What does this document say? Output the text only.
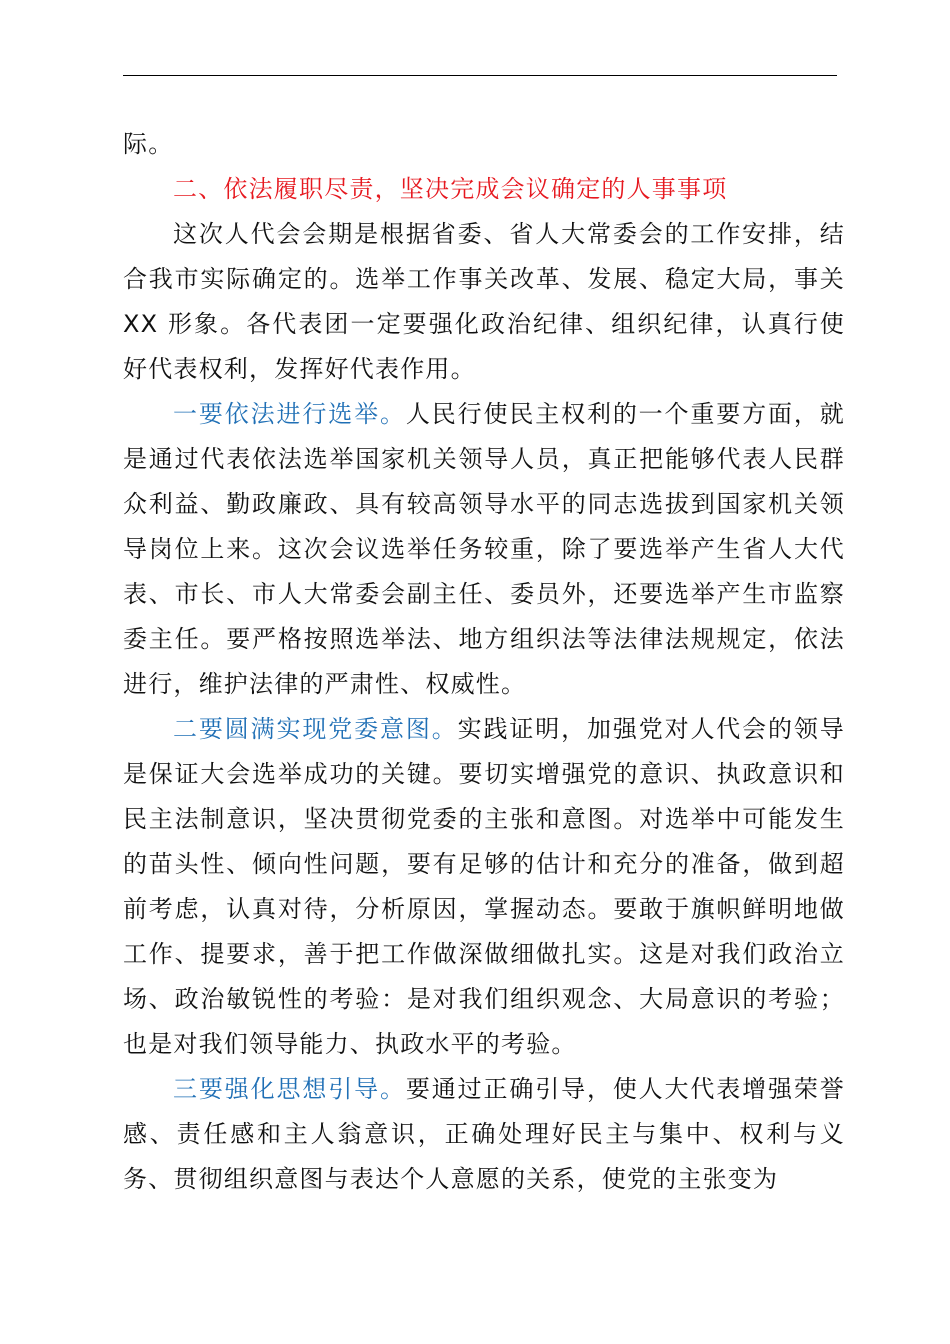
际。

二、依法履职尽责，坚决完成会议确定的人事事项

这次人代会会期是根据省委、省人大常委会的工作安排，结合我市实际确定的。选举工作事关改革、发展、稳定大局，事关 XX 形象。各代表团一定要强化政治纪律、组织纪律，认真行使好代表权利，发挥好代表作用。

一要依法进行选举。人民行使民主权利的一个重要方面，就是通过代表依法选举国家机关领导人员，真正把能够代表人民群众利益、勤政廉政、具有较高领导水平的同志选拔到国家机关领导岗位上来。这次会议选举任务较重，除了要选举产生省人大代表、市长、市人大常委会副主任、委员外，还要选举产生市监察委主任。要严格按照选举法、地方组织法等法律法规规定，依法进行，维护法律的严肃性、权威性。

二要圆满实现党委意图。实践证明，加强党对人代会的领导是保证大会选举成功的关键。要切实增强党的意识、执政意识和民主法制意识，坚决贯彻党委的主张和意图。对选举中可能发生的苗头性、倾向性问题，要有足够的估计和充分的准备，做到超前考虑，认真对待，分析原因，掌握动态。要敢于旗帜鲜明地做工作、提要求，善于把工作做深做细做扎实。这是对我们政治立场、政治敏锐性的考验：是对我们组织观念、大局意识的考验；也是对我们领导能力、执政水平的考验。

三要强化思想引导。要通过正确引导，使人大代表增强荣誉感、责任感和主人翁意识，正确处理好民主与集中、权利与义务、贯彻组织意图与表达个人意愿的关系，使党的主张变为
